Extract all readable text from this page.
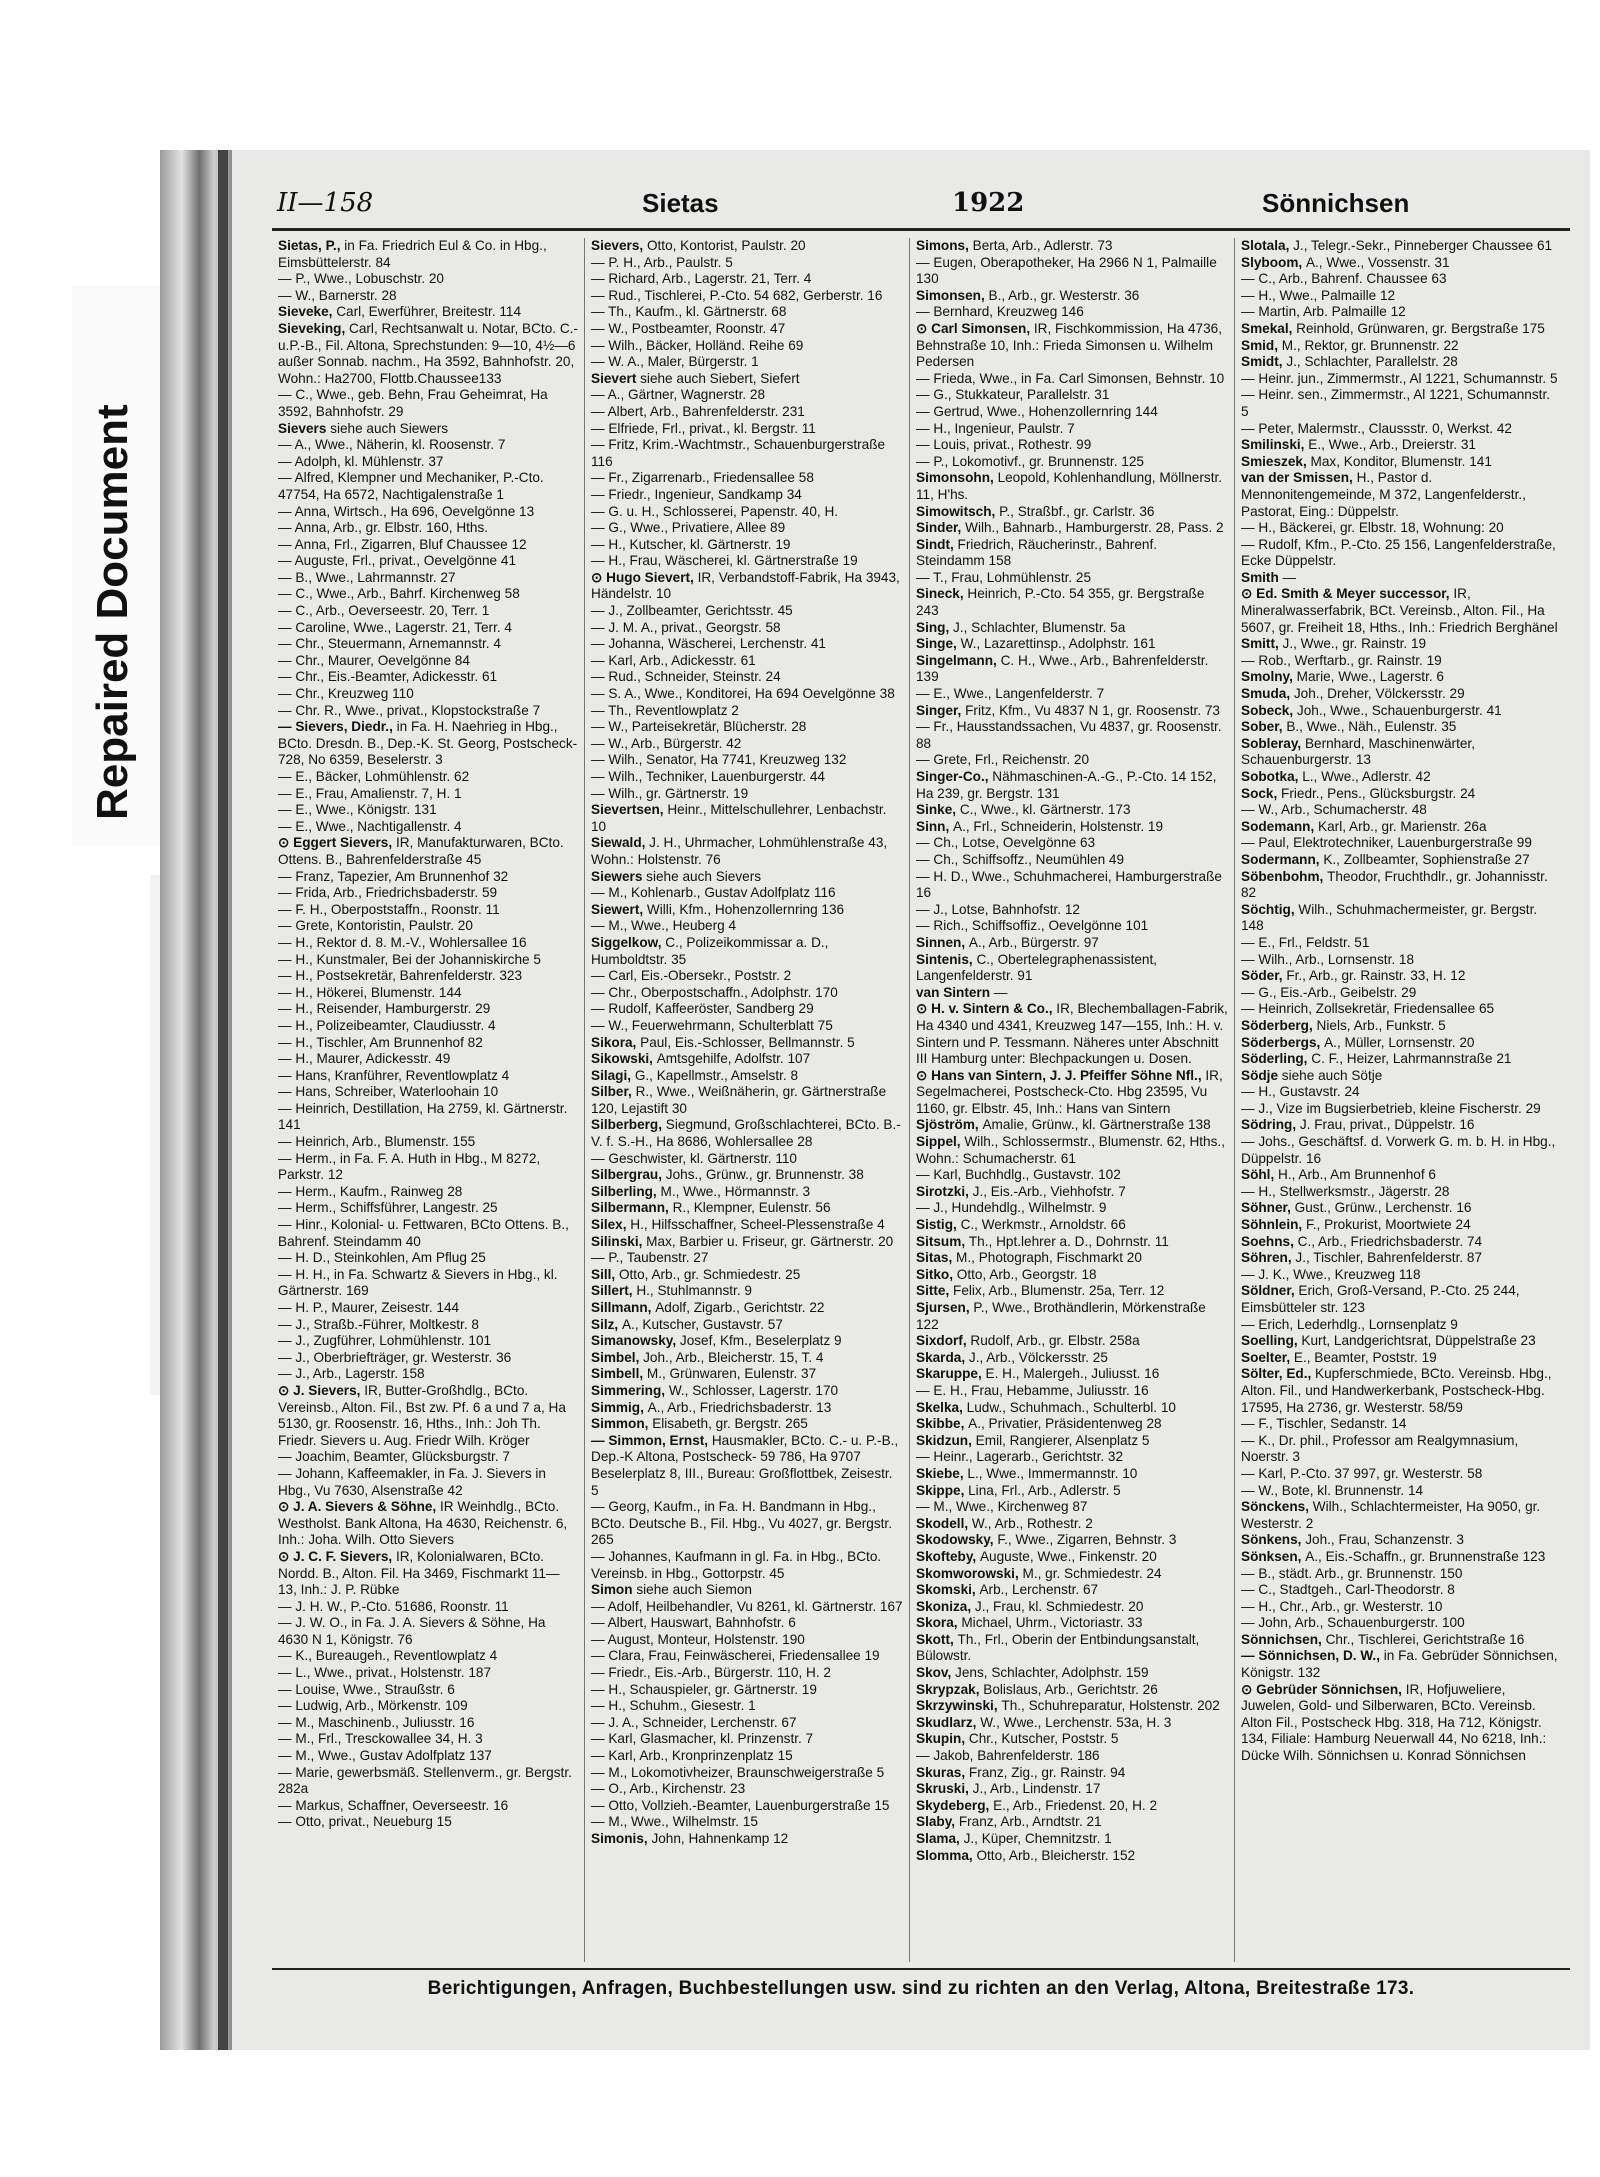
Repaired Document
II—158	Sietas	1922	Sönnichsen

Sietas, P., in Fa. Friedrich Eul & Co. in Hbg., Eimsbüttelerstr. 84

— P., Wwe., Lobuschstr. 20

— W., Barnerstr. 28

Sieveke, Carl, Ewerführer, Breitestr. 114

Sieveking, Carl, Rechtsanwalt u. Notar, BCto. C.-u.P.-B., Fil. Altona, Sprechstunden: 9—10, 4½—6 außer Sonnab. nachm., Ha 3592, Bahnhofstr. 20, Wohn.: Ha2700, Flottb.Chaussee133

— C., Wwe., geb. Behn, Frau Geheimrat, Ha 3592, Bahnhofstr. 29

Sievers siehe auch Siewers

— A., Wwe., Näherin, kl. Roosenstr. 7

— Adolph, kl. Mühlenstr. 37

— Alfred, Klempner und Mechaniker, P.-Cto. 47754, Ha 6572, Nachtigalenstraße 1

— Anna, Wirtsch., Ha 696, Oevelgönne 13

— Anna, Arb., gr. Elbstr. 160, Hths.

— Anna, Frl., Zigarren, Bluf Chaussee 12

— Auguste, Frl., privat., Oevelgönne 41

— B., Wwe., Lahrmannstr. 27

— C., Wwe., Arb., Bahrf. Kirchenweg 58

— C., Arb., Oeverseestr. 20, Terr. 1

— Caroline, Wwe., Lagerstr. 21, Terr. 4

— Chr., Steuermann, Arnemannstr. 4

— Chr., Maurer, Oevelgönne 84

— Chr., Eis.-Beamter, Adickesstr. 61

— Chr., Kreuzweg 110

— Chr. R., Wwe., privat., Klopstockstraße 7

— Sievers, Diedr., in Fa. H. Naehrieg in Hbg., BCto. Dresdn. B., Dep.-K. St. Georg, Postscheck-728, No 6359, Beselerstr. 3

— E., Bäcker, Lohmühlenstr. 62

— E., Frau, Amalienstr. 7, H. 1

— E., Wwe., Königstr. 131

— E., Wwe., Nachtigallenstr. 4

⊙ Eggert Sievers, IR, Manufakturwaren, BCto. Ottens. B., Bahrenfelderstraße 45

— Franz, Tapezier, Am Brunnenhof 32

— Frida, Arb., Friedrichsbaderstr. 59

— F. H., Oberpoststaffn., Roonstr. 11

— Grete, Kontoristin, Paulstr. 20

— H., Rektor d. 8. M.-V., Wohlersallee 16

— H., Kunstmaler, Bei der Johanniskirche 5

— H., Postsekretär, Bahrenfelderstr. 323

— H., Hökerei, Blumenstr. 144

— H., Reisender, Hamburgerstr. 29

— H., Polizeibeamter, Claudiusstr. 4

— H., Tischler, Am Brunnenhof 82

— H., Maurer, Adickesstr. 49

— Hans, Kranführer, Reventlowplatz 4

— Hans, Schreiber, Waterloohain 10

— Heinrich, Destillation, Ha 2759, kl. Gärtnerstr. 141

— Heinrich, Arb., Blumenstr. 155

— Herm., in Fa. F. A. Huth in Hbg., M 8272, Parkstr. 12

— Herm., Kaufm., Rainweg 28

— Herm., Schiffsführer, Langestr. 25

— Hinr., Kolonial- u. Fettwaren, BCto Ottens. B., Bahrenf. Steindamm 40

— H. D., Steinkohlen, Am Pflug 25

— H. H., in Fa. Schwartz & Sievers in Hbg., kl. Gärtnerstr. 169

— H. P., Maurer, Zeisestr. 144

— J., Straßb.-Führer, Moltkestr. 8

— J., Zugführer, Lohmühlenstr. 101

— J., Oberbriefträger, gr. Westerstr. 36

— J., Arb., Lagerstr. 158

⊙ J. Sievers, IR, Butter-Großhdlg., BCto. Vereinsb., Alton. Fil., Bst zw. Pf. 6 a und 7 a, Ha 5130, gr. Roosenstr. 16, Hths., Inh.: Joh Th. Friedr. Sievers u. Aug. Friedr Wilh. Kröger

— Joachim, Beamter, Glücksburgstr. 7

— Johann, Kaffeemakler, in Fa. J. Sievers in Hbg., Vu 7630, Alsenstraße 42

⊙ J. A. Sievers & Söhne, IR Weinhdlg., BCto. Westholst. Bank Altona, Ha 4630, Reichenstr. 6, Inh.: Joha. Wilh. Otto Sievers

⊙ J. C. F. Sievers, IR, Kolonialwaren, BCto. Nordd. B., Alton. Fil. Ha 3469, Fischmarkt 11—13, Inh.: J. P. Rübke

— J. H. W., P.-Cto. 51686, Roonstr. 11

— J. W. O., in Fa. J. A. Sievers & Söhne, Ha 4630 N 1, Königstr. 76

— K., Bureaugeh., Reventlowplatz 4

— L., Wwe., privat., Holstenstr. 187

— Louise, Wwe., Straußstr. 6

— Ludwig, Arb., Mörkenstr. 109

— M., Maschinenb., Juliusstr. 16

— M., Frl., Tresckowallee 34, H. 3

— M., Wwe., Gustav Adolfplatz 137

— Marie, gewerbsmäß. Stellenverm., gr. Bergstr. 282a

— Markus, Schaffner, Oeverseestr. 16

— Otto, privat., Neueburg 15

Sievers, Otto, Kontorist, Paulstr. 20

— P. H., Arb., Paulstr. 5

— Richard, Arb., Lagerstr. 21, Terr. 4

— Rud., Tischlerei, P.-Cto. 54 682, Gerberstr. 16

— Th., Kaufm., kl. Gärtnerstr. 68

— W., Postbeamter, Roonstr. 47

— Wilh., Bäcker, Holländ. Reihe 69

— W. A., Maler, Bürgerstr. 1

Sievert siehe auch Siebert, Siefert

— A., Gärtner, Wagnerstr. 28

— Albert, Arb., Bahrenfelderstr. 231

— Elfriede, Frl., privat., kl. Bergstr. 11

— Fritz, Krim.-Wachtmstr., Schauenburgerstraße 116

— Fr., Zigarrenarb., Friedensallee 58

— Friedr., Ingenieur, Sandkamp 34

— G. u. H., Schlosserei, Papenstr. 40, H.

— G., Wwe., Privatiere, Allee 89

— H., Kutscher, kl. Gärtnerstr. 19

— H., Frau, Wäscherei, kl. Gärtnerstraße 19

⊙ Hugo Sievert, IR, Verbandstoff-Fabrik, Ha 3943, Händelstr. 10

— J., Zollbeamter, Gerichtsstr. 45

— J. M. A., privat., Georgstr. 58

— Johanna, Wäscherei, Lerchenstr. 41

— Karl, Arb., Adickesstr. 61

— Rud., Schneider, Steinstr. 24

— S. A., Wwe., Konditorei, Ha 694 Oevelgönne 38

— Th., Reventlowplatz 2

— W., Parteisekretär, Blücherstr. 28

— W., Arb., Bürgerstr. 42

— Wilh., Senator, Ha 7741, Kreuzweg 132

— Wilh., Techniker, Lauenburgerstr. 44

— Wilh., gr. Gärtnerstr. 19

Sievertsen, Heinr., Mittelschullehrer, Lenbachstr. 10

Siewald, J. H., Uhrmacher, Lohmühlenstraße 43, Wohn.: Holstenstr. 76

Siewers siehe auch Sievers

— M., Kohlenarb., Gustav Adolfplatz 116

Siewert, Willi, Kfm., Hohenzollernring 136

— M., Wwe., Heuberg 4

Siggelkow, C., Polizeikommissar a. D., Humboldtstr. 35

— Carl, Eis.-Obersekr., Poststr. 2

— Chr., Oberpostschaffn., Adolphstr. 170

— Rudolf, Kaffeeröster, Sandberg 29

— W., Feuerwehrmann, Schulterblatt 75

Sikora, Paul, Eis.-Schlosser, Bellmannstr. 5

Sikowski, Amtsgehilfe, Adolfstr. 107

Silagi, G., Kapellmstr., Amselstr. 8

Silber, R., Wwe., Weißnäherin, gr. Gärtnerstraße 120, Lejastift 30

Silberberg, Siegmund, Großschlachterei, BCto. B.-V. f. S.-H., Ha 8686, Wohlersallee 28

— Geschwister, kl. Gärtnerstr. 110

Silbergrau, Johs., Grünw., gr. Brunnenstr. 38

Silberling, M., Wwe., Hörmannstr. 3

Silbermann, R., Klempner, Eulenstr. 56

Silex, H., Hilfsschaffner, Scheel-Plessenstraße 4

Silinski, Max, Barbier u. Friseur, gr. Gärtnerstr. 20

— P., Taubenstr. 27

Sill, Otto, Arb., gr. Schmiedestr. 25

Sillert, H., Stuhlmannstr. 9

Sillmann, Adolf, Zigarb., Gerichtstr. 22

Silz, A., Kutscher, Gustavstr. 57

Simanowsky, Josef, Kfm., Beselerplatz 9

Simbel, Joh., Arb., Bleicherstr. 15, T. 4

Simbell, M., Grünwaren, Eulenstr. 37

Simmering, W., Schlosser, Lagerstr. 170

Simmig, A., Arb., Friedrichsbaderstr. 13

Simmon, Elisabeth, gr. Bergstr. 265

— Simmon, Ernst, Hausmakler, BCto. C.- u. P.-B., Dep.-K Altona, Postscheck- 59 786, Ha 9707 Beselerplatz 8, III., Bureau: Großflottbek, Zeisestr. 5

— Georg, Kaufm., in Fa. H. Bandmann in Hbg., BCto. Deutsche B., Fil. Hbg., Vu 4027, gr. Bergstr. 265

— Johannes, Kaufmann in gl. Fa. in Hbg., BCto. Vereinsb. in Hbg., Gottorpstr. 45

Simon siehe auch Siemon

— Adolf, Heilbehandler, Vu 8261, kl. Gärtnerstr. 167

— Albert, Hauswart, Bahnhofstr. 6

— August, Monteur, Holstenstr. 190

— Clara, Frau, Feinwäscherei, Friedensallee 19

— Friedr., Eis.-Arb., Bürgerstr. 110, H. 2

— H., Schauspieler, gr. Gärtnerstr. 19

— H., Schuhm., Giesestr. 1

— J. A., Schneider, Lerchenstr. 67

— Karl, Glasmacher, kl. Prinzenstr. 7

— Karl, Arb., Kronprinzenplatz 15

— M., Lokomotivheizer, Braunschweigerstraße 5

— O., Arb., Kirchenstr. 23

— Otto, Vollzieh.-Beamter, Lauenburgerstraße 15

— M., Wwe., Wilhelmstr. 15

Simonis, John, Hahnenkamp 12

Simons, Berta, Arb., Adlerstr. 73

— Eugen, Oberapotheker, Ha 2966 N 1, Palmaille 130

Simonsen, B., Arb., gr. Westerstr. 36

— Bernhard, Kreuzweg 146

⊙ Carl Simonsen, IR, Fischkommission, Ha 4736, Behnstraße 10, Inh.: Frieda Simonsen u. Wilhelm Pedersen

— Frieda, Wwe., in Fa. Carl Simonsen, Behnstr. 10

— G., Stukkateur, Parallelstr. 31

— Gertrud, Wwe., Hohenzollernring 144

— H., Ingenieur, Paulstr. 7

— Louis, privat., Rothestr. 99

— P., Lokomotivf., gr. Brunnenstr. 125

Simonsohn, Leopold, Kohlenhandlung, Möllnerstr. 11, H'hs.

Simowitsch, P., Straßbf., gr. Carlstr. 36

Sinder, Wilh., Bahnarb., Hamburgerstr. 28, Pass. 2

Sindt, Friedrich, Räucherinstr., Bahrenf. Steindamm 158

— T., Frau, Lohmühlenstr. 25

Sineck, Heinrich, P.-Cto. 54 355, gr. Bergstraße 243

Sing, J., Schlachter, Blumenstr. 5a

Singe, W., Lazarettinsp., Adolphstr. 161

Singelmann, C. H., Wwe., Arb., Bahrenfelderstr. 139

— E., Wwe., Langenfelderstr. 7

Singer, Fritz, Kfm., Vu 4837 N 1, gr. Roosenstr. 73

— Fr., Hausstandssachen, Vu 4837, gr. Roosenstr. 88

— Grete, Frl., Reichenstr. 20

Singer-Co., Nähmaschinen-A.-G., P.-Cto. 14 152, Ha 239, gr. Bergstr. 131

Sinke, C., Wwe., kl. Gärtnerstr. 173

Sinn, A., Frl., Schneiderin, Holstenstr. 19

— Ch., Lotse, Oevelgönne 63

— Ch., Schiffsoffz., Neumühlen 49

— H. D., Wwe., Schuhmacherei, Hamburgerstraße 16

— J., Lotse, Bahnhofstr. 12

— Rich., Schiffsoffiz., Oevelgönne 101

Sinnen, A., Arb., Bürgerstr. 97

Sintenis, C., Obertelegraphenassistent, Langenfelderstr. 91

van Sintern —

⊙ H. v. Sintern & Co., IR, Blechemballagen-Fabrik, Ha 4340 und 4341, Kreuzweg 147—155, Inh.: H. v. Sintern und P. Tessmann. Näheres unter Abschnitt III Hamburg unter: Blechpackungen u. Dosen.

⊙ Hans van Sintern, J. J. Pfeiffer Söhne Nfl., IR, Segelmacherei, Postscheck-Cto. Hbg 23595, Vu 1160, gr. Elbstr. 45, Inh.: Hans van Sintern

Sjöström, Amalie, Grünw., kl. Gärtnerstraße 138

Sippel, Wilh., Schlossermstr., Blumenstr. 62, Hths., Wohn.: Schumacherstr. 61

— Karl, Buchhdlg., Gustavstr. 102

Sirotzki, J., Eis.-Arb., Viehhofstr. 7

— J., Hundehdlg., Wilhelmstr. 9

Sistig, C., Werkmstr., Arnoldstr. 66

Sitsum, Th., Hpt.lehrer a. D., Dohrnstr. 11

Sitas, M., Photograph, Fischmarkt 20

Sitko, Otto, Arb., Georgstr. 18

Sitte, Felix, Arb., Blumenstr. 25a, Terr. 12

Sjursen, P., Wwe., Brothändlerin, Mörkenstraße 122

Sixdorf, Rudolf, Arb., gr. Elbstr. 258a

Skarda, J., Arb., Völckersstr. 25

Skaruppe, E. H., Malergeh., Juliusst. 16

— E. H., Frau, Hebamme, Juliusstr. 16

Skelka, Ludw., Schuhmach., Schulterbl. 10

Skibbe, A., Privatier, Präsidentenweg 28

Skidzun, Emil, Rangierer, Alsenplatz 5

— Heinr., Lagerarb., Gerichtstr. 32

Skiebe, L., Wwe., Immermannstr. 10

Skippe, Lina, Frl., Arb., Adlerstr. 5

— M., Wwe., Kirchenweg 87

Skodell, W., Arb., Rothestr. 2

Skodowsky, F., Wwe., Zigarren, Behnstr. 3

Skofteby, Auguste, Wwe., Finkenstr. 20

Skomworowski, M., gr. Schmiedestr. 24

Skomski, Arb., Lerchenstr. 67

Skoniza, J., Frau, kl. Schmiedestr. 20

Skora, Michael, Uhrm., Victoriastr. 33

Skott, Th., Frl., Oberin der Entbindungsanstalt, Bülowstr.

Skov, Jens, Schlachter, Adolphstr. 159

Skrypzak, Bolislaus, Arb., Gerichtstr. 26

Skrzywinski, Th., Schuhreparatur, Holstenstr. 202

Skudlarz, W., Wwe., Lerchenstr. 53a, H. 3

Skupin, Chr., Kutscher, Poststr. 5

— Jakob, Bahrenfelderstr. 186

Skuras, Franz, Zig., gr. Rainstr. 94

Skruski, J., Arb., Lindenstr. 17

Skydeberg, E., Arb., Friedenst. 20, H. 2

Slaby, Franz, Arb., Arndtstr. 21

Slama, J., Küper, Chemnitzstr. 1

Slomma, Otto, Arb., Bleicherstr. 152

Slotala, J., Telegr.-Sekr., Pinneberger Chaussee 61

Slyboom, A., Wwe., Vossenstr. 31

— C., Arb., Bahrenf. Chaussee 63

— H., Wwe., Palmaille 12

— Martin, Arb. Palmaille 12

Smekal, Reinhold, Grünwaren, gr. Bergstraße 175

Smid, M., Rektor, gr. Brunnenstr. 22

Smidt, J., Schlachter, Parallelstr. 28

— Heinr. jun., Zimmermstr., Al 1221, Schumannstr. 5

— Heinr. sen., Zimmermstr., Al 1221, Schumannstr. 5

— Peter, Malermstr., Claussstr. 0, Werkst. 42

Smilinski, E., Wwe., Arb., Dreierstr. 31

Smieszek, Max, Konditor, Blumenstr. 141

van der Smissen, H., Pastor d. Mennonitengemeinde, M 372, Langenfelderstr., Pastorat, Eing.: Düppelstr.

— H., Bäckerei, gr. Elbstr. 18, Wohnung: 20

— Rudolf, Kfm., P.-Cto. 25 156, Langenfelderstraße, Ecke Düppelstr.

Smith —

⊙ Ed. Smith & Meyer successor, IR, Mineralwasserfabrik, BCt. Vereinsb., Alton. Fil., Ha 5607, gr. Freiheit 18, Hths., Inh.: Friedrich Berghänel

Smitt, J., Wwe., gr. Rainstr. 19

— Rob., Werftarb., gr. Rainstr. 19

Smolny, Marie, Wwe., Lagerstr. 6

Smuda, Joh., Dreher, Völckersstr. 29

Sobeck, Joh., Wwe., Schauenburgerstr. 41

Sober, B., Wwe., Näh., Eulenstr. 35

Sobleray, Bernhard, Maschinenwärter, Schauenburgerstr. 13

Sobotka, L., Wwe., Adlerstr. 42

Sock, Friedr., Pens., Glücksburgstr. 24

— W., Arb., Schumacherstr. 48

Sodemann, Karl, Arb., gr. Marienstr. 26a

— Paul, Elektrotechniker, Lauenburgerstraße 99

Sodermann, K., Zollbeamter, Sophienstraße 27

Söbenbohm, Theodor, Fruchthdlr., gr. Johannisstr. 82

Söchtig, Wilh., Schuhmachermeister, gr. Bergstr. 148

— E., Frl., Feldstr. 51

— Wilh., Arb., Lornsenstr. 18

Söder, Fr., Arb., gr. Rainstr. 33, H. 12

— G., Eis.-Arb., Geibelstr. 29

— Heinrich, Zollsekretär, Friedensallee 65

Söderberg, Niels, Arb., Funkstr. 5

Söderbergs, A., Müller, Lornsenstr. 20

Söderling, C. F., Heizer, Lahrmannstraße 21

Södje siehe auch Sötje

— H., Gustavstr. 24

— J., Vize im Bugsierbetrieb, kleine Fischerstr. 29

Södring, J. Frau, privat., Düppelstr. 16

— Johs., Geschäftsf. d. Vorwerk G. m. b. H. in Hbg., Düppelstr. 16

Söhl, H., Arb., Am Brunnenhof 6

— H., Stellwerksmstr., Jägerstr. 28

Söhner, Gust., Grünw., Lerchenstr. 16

Söhnlein, F., Prokurist, Moortwiete 24

Soehns, C., Arb., Friedrichsbaderstr. 74

Söhren, J., Tischler, Bahrenfelderstr. 87

— J. K., Wwe., Kreuzweg 118

Söldner, Erich, Groß-Versand, P.-Cto. 25 244, Eimsbütteler str. 123

— Erich, Lederhdlg., Lornsenplatz 9

Soelling, Kurt, Landgerichtsrat, Düppelstraße 23

Soelter, E., Beamter, Poststr. 19

Sölter, Ed., Kupferschmiede, BCto. Vereinsb. Hbg., Alton. Fil., und Handwerkerbank, Postscheck-Hbg. 17595, Ha 2736, gr. Westerstr. 58/59

— F., Tischler, Sedanstr. 14

— K., Dr. phil., Professor am Realgymnasium, Noerstr. 3

— Karl, P.-Cto. 37 997, gr. Westerstr. 58

— W., Bote, kl. Brunnenstr. 14

Sönckens, Wilh., Schlachtermeister, Ha 9050, gr. Westerstr. 2

Sönkens, Joh., Frau, Schanzenstr. 3

Sönksen, A., Eis.-Schaffn., gr. Brunnenstraße 123

— B., städt. Arb., gr. Brunnenstr. 150

— C., Stadtgeh., Carl-Theodorstr. 8

— H., Chr., Arb., gr. Westerstr. 10

— John, Arb., Schauenburgerstr. 100

Sönnichsen, Chr., Tischlerei, Gerichtstraße 16

— Sönnichsen, D. W., in Fa. Gebrüder Sönnichsen, Königstr. 132

⊙ Gebrüder Sönnichsen, IR, Hofjuweliere, Juwelen, Gold- und Silberwaren, BCto. Vereinsb. Alton Fil., Postscheck Hbg. 318, Ha 712, Königstr. 134, Filiale: Hamburg Neuerwall 44, No 6218, Inh.: Dücke Wilh. Sönnichsen u. Konrad Sönnichsen

Berichtigungen, Anfragen, Buchbestellungen usw. sind zu richten an den Verlag, Altona, Breitestraße 173.
